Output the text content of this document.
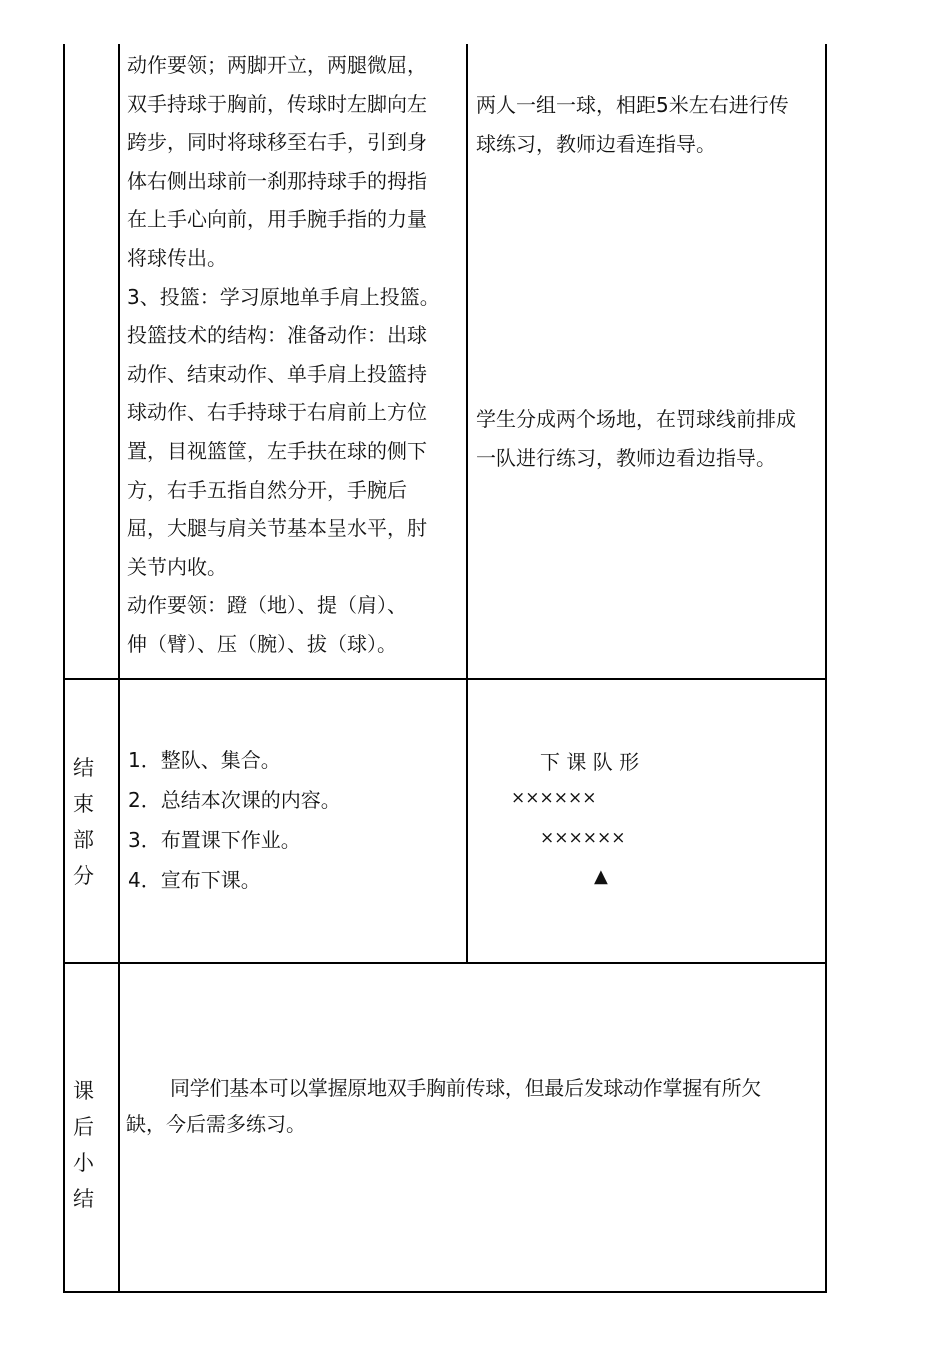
动作要领；两脚开立，两腿微屈，
双手持球于胸前，传球时左脚向左
跨步，同时将球移至右手，引到身
体右侧出球前一刹那持球手的拇指
在上手心向前，用手腕手指的力量
将球传出。
3、投篮：学习原地单手肩上投篮。
投篮技术的结构：准备动作：出球
动作、结束动作、单手肩上投篮持
球动作、右手持球于右肩前上方位
置，目视篮筐，左手扶在球的侧下
方，右手五指自然分开，手腕后
屈，大腿与肩关节基本呈水平，肘
关节内收。
动作要领：蹬（地）、提（肩）、
伸（臂）、压（腕）、拔（球）。
两人一组一球，相距5米左右进行传
球练习，教师边看连指导。
学生分成两个场地，在罚球线前排成
一队进行练习，教师边看边指导。
结
束
部
分
1．整队、集合。
2．总结本次课的内容。
3．布置课下作业。
4．宣布下课。
下 课 队 形
××××××
××××××
▲
课
后
小
结

同学们基本可以掌握原地双手胸前传球，但最后发球动作掌握有所欠

缺，今后需多练习。
